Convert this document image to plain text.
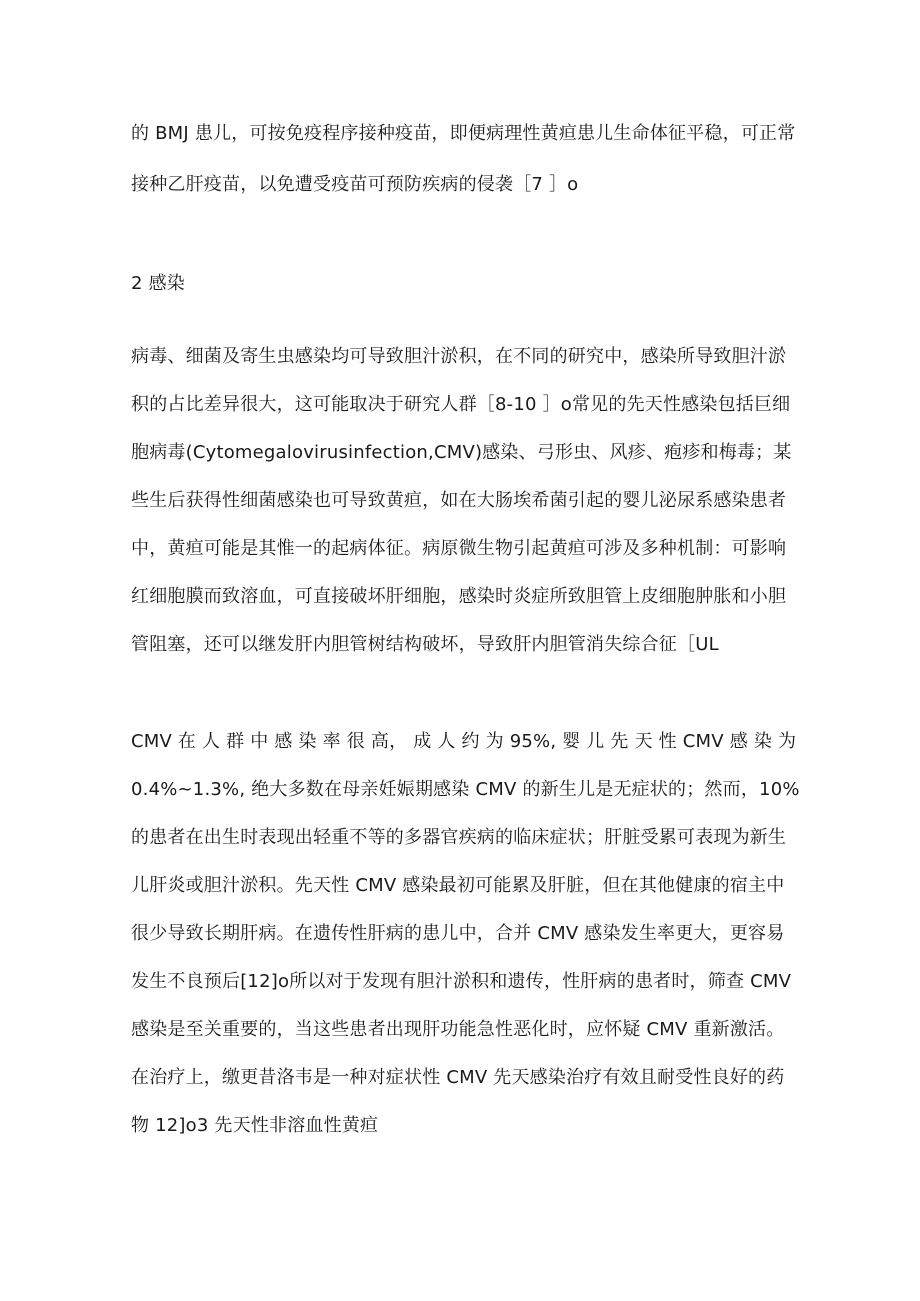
的 BMJ 患儿，可按免疫程序接种疫苗，即便病理性黄疸患儿生命体征平稳，可正常
接种乙肝疫苗，以免遭受疫苗可预防疾病的侵袭［7 ］o
2 感染
病毒、细菌及寄生虫感染均可导致胆汁淤积，在不同的研究中，感染所导致胆汁淤
积的占比差异很大，这可能取决于研究人群［8-10 ］o常见的先天性感染包括巨细
胞病毒(Cytomegalovirusinfection,CMV)感染、弓形虫、风疹、疱疹和梅毒；某
些生后获得性细菌感染也可导致黄疸，如在大肠埃希菌引起的婴儿泌尿系感染患者
中，黄疸可能是其惟一的起病体征。病原微生物引起黄疸可涉及多种机制：可影响
红细胞膜而致溶血，可直接破坏肝细胞，感染时炎症所致胆管上皮细胞肿胀和小胆
管阻塞，还可以继发肝内胆管树结构破坏，导致肝内胆管消失综合征［UL
CMV 在 人 群 中 感 染 率 很 高， 成 人 约 为 95%, 婴 儿 先 天 性 CMV 感 染 为
0.4%~1.3%, 绝大多数在母亲妊娠期感染 CMV 的新生儿是无症状的；然而，10%
的患者在出生时表现出轻重不等的多器官疾病的临床症状；肝脏受累可表现为新生
儿肝炎或胆汁淤积。先天性 CMV 感染最初可能累及肝脏，但在其他健康的宿主中
很少导致长期肝病。在遗传性肝病的患儿中，合并 CMV 感染发生率更大，更容易
发生不良预后[12]o所以对于发现有胆汁淤积和遗传，性肝病的患者时，筛查 CMV
感染是至关重要的，当这些患者出现肝功能急性恶化时，应怀疑 CMV 重新激活。
在治疗上，缴更昔洛韦是一种对症状性 CMV 先天感染治疗有效且耐受性良好的药
物 12]o3 先天性非溶血性黄疸
